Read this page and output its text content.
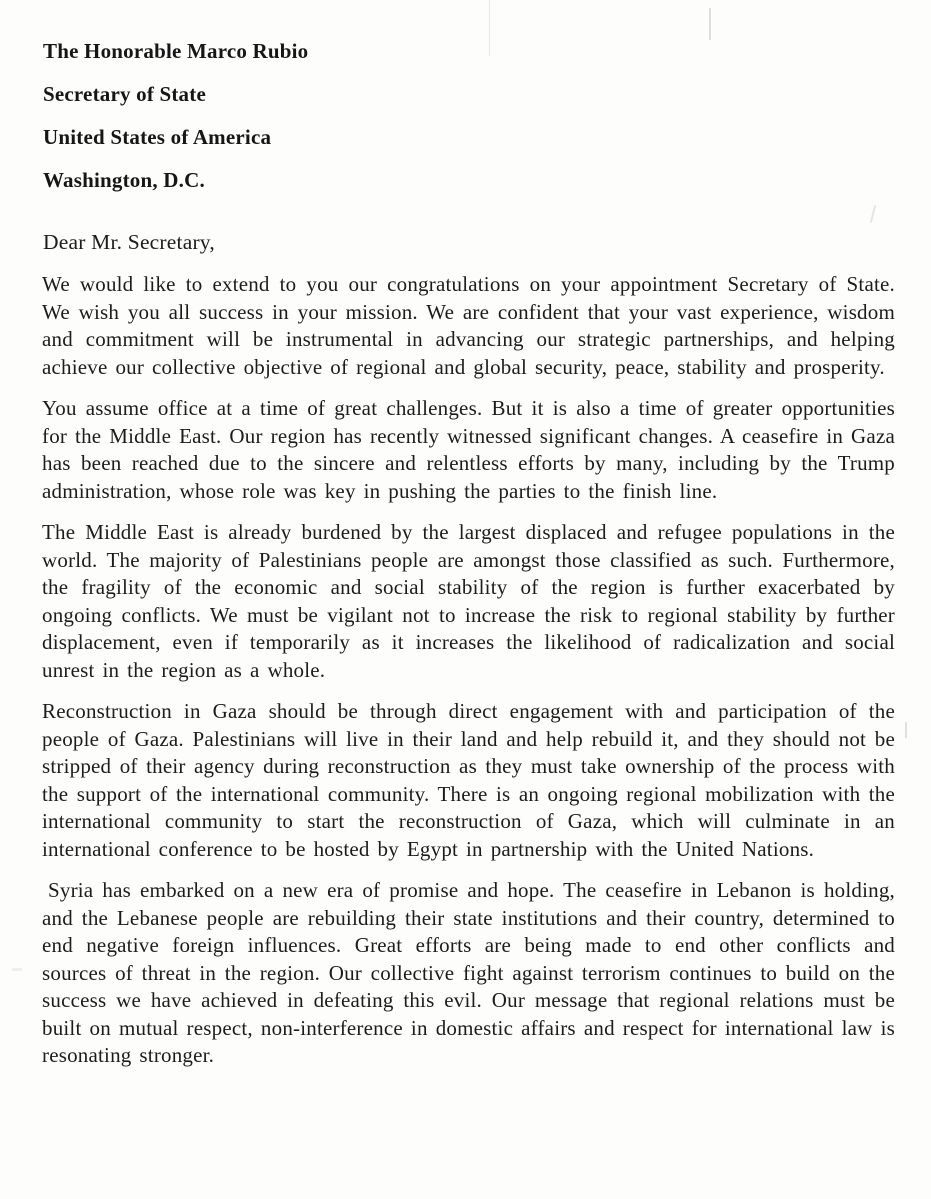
The Honorable Marco Rubio
Secretary of State
United States of America
Washington, D.C.
Dear Mr. Secretary,

We would like to extend to you our congratulations on your appointment Secretary of State. We wish you all success in your mission. We are confident that your vast experience, wisdom and commitment will be instrumental in advancing our strategic partnerships, and helping achieve our collective objective of regional and global security, peace, stability and prosperity.

You assume office at a time of great challenges. But it is also a time of greater opportunities for the Middle East. Our region has recently witnessed significant changes. A ceasefire in Gaza has been reached due to the sincere and relentless efforts by many, including by the Trump administration, whose role was key in pushing the parties to the finish line.

The Middle East is already burdened by the largest displaced and refugee populations in the world. The majority of Palestinians people are amongst those classified as such. Furthermore, the fragility of the economic and social stability of the region is further exacerbated by ongoing conflicts. We must be vigilant not to increase the risk to regional stability by further displacement, even if temporarily as it increases the likelihood of radicalization and social unrest in the region as a whole.

Reconstruction in Gaza should be through direct engagement with and participation of the people of Gaza. Palestinians will live in their land and help rebuild it, and they should not be stripped of their agency during reconstruction as they must take ownership of the process with the support of the international community. There is an ongoing regional mobilization with the international community to start the reconstruction of Gaza, which will culminate in an international conference to be hosted by Egypt in partnership with the United Nations.

Syria has embarked on a new era of promise and hope. The ceasefire in Lebanon is holding, and the Lebanese people are rebuilding their state institutions and their country, determined to end negative foreign influences. Great efforts are being made to end other conflicts and sources of threat in the region. Our collective fight against terrorism continues to build on the success we have achieved in defeating this evil. Our message that regional relations must be built on mutual respect, non-interference in domestic affairs and respect for international law is resonating stronger.
